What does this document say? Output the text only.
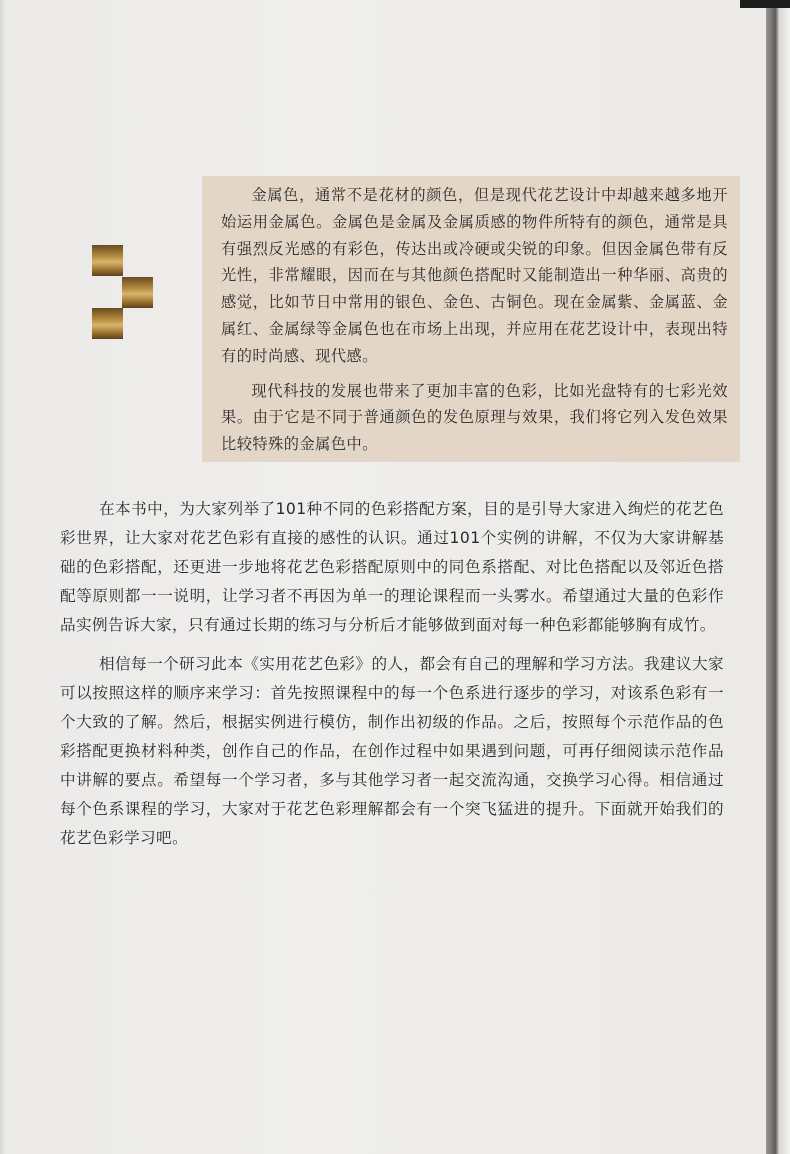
金属色，通常不是花材的颜色，但是现代花艺设计中却越来越多地开始运用金属色。金属色是金属及金属质感的物件所特有的颜色，通常是具有强烈反光感的有彩色，传达出或冷硬或尖锐的印象。但因金属色带有反光性，非常耀眼，因而在与其他颜色搭配时又能制造出一种华丽、高贵的感觉，比如节日中常用的银色、金色、古铜色。现在金属紫、金属蓝、金属红、金属绿等金属色也在市场上出现，并应用在花艺设计中，表现出特有的时尚感、现代感。

现代科技的发展也带来了更加丰富的色彩，比如光盘特有的七彩光效果。由于它是不同于普通颜色的发色原理与效果，我们将它列入发色效果比较特殊的金属色中。

在本书中，为大家列举了101种不同的色彩搭配方案，目的是引导大家进入绚烂的花艺色彩世界，让大家对花艺色彩有直接的感性的认识。通过101个实例的讲解，不仅为大家讲解基础的色彩搭配，还更进一步地将花艺色彩搭配原则中的同色系搭配、对比色搭配以及邻近色搭配等原则都一一说明，让学习者不再因为单一的理论课程而一头雾水。希望通过大量的色彩作品实例告诉大家，只有通过长期的练习与分析后才能够做到面对每一种色彩都能够胸有成竹。

相信每一个研习此本《实用花艺色彩》的人，都会有自己的理解和学习方法。我建议大家可以按照这样的顺序来学习：首先按照课程中的每一个色系进行逐步的学习，对该系色彩有一个大致的了解。然后，根据实例进行模仿，制作出初级的作品。之后，按照每个示范作品的色彩搭配更换材料种类，创作自己的作品，在创作过程中如果遇到问题，可再仔细阅读示范作品中讲解的要点。希望每一个学习者，多与其他学习者一起交流沟通，交换学习心得。相信通过每个色系课程的学习，大家对于花艺色彩理解都会有一个突飞猛进的提升。下面就开始我们的花艺色彩学习吧。
